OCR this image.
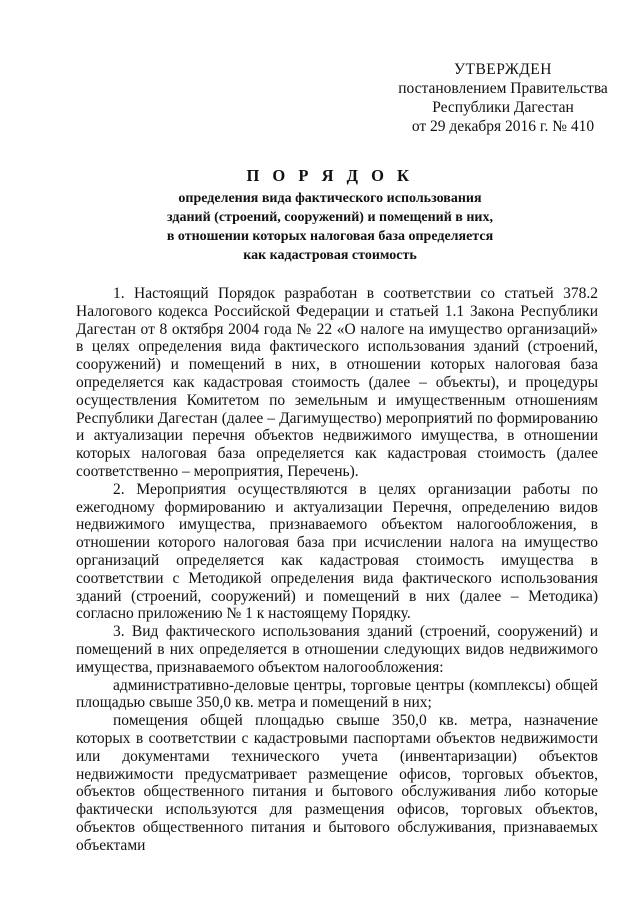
УТВЕРЖДЕН
постановлением Правительства
Республики Дагестан
от 29 декабря 2016 г. № 410
П О Р Я Д О К
определения вида фактического использования
зданий (строений, сооружений) и помещений в них,
в отношении которых налоговая база определяется
как кадастровая стоимость

1. Настоящий Порядок разработан в соответствии со статьей 378.2 Налогового кодекса Российской Федерации и статьей 1.1 Закона Республики Дагестан от 8 октября 2004 года № 22 «О налоге на имущество организаций» в целях определения вида фактического использования зданий (строений, сооружений) и помещений в них, в отношении которых налоговая база определяется как кадастровая стоимость (далее – объекты), и процедуры осуществления Комитетом по земельным и имущественным отношениям Республики Дагестан (далее – Дагимущество) мероприятий по формированию и актуализации перечня объектов недвижимого имущества, в отношении которых налоговая база определяется как кадастровая стоимость (далее соответственно – мероприятия, Перечень).

2. Мероприятия осуществляются в целях организации работы по ежегодному формированию и актуализации Перечня, определению видов недвижимого имущества, признаваемого объектом налогообложения, в отношении которого налоговая база при исчислении налога на имущество организаций определяется как кадастровая стоимость имущества в соответствии с Методикой определения вида фактического использования зданий (строений, сооружений) и помещений в них (далее – Методика) согласно приложению № 1 к настоящему Порядку.

3. Вид фактического использования зданий (строений, сооружений) и помещений в них определяется в отношении следующих видов недвижимого имущества, признаваемого объектом налогообложения:

административно-деловые центры, торговые центры (комплексы) общей площадью свыше 350,0 кв. метра и помещений в них;

помещения общей площадью свыше 350,0 кв. метра, назначение которых в соответствии с кадастровыми паспортами объектов недвижимости или документами технического учета (инвентаризации) объектов недвижимости предусматривает размещение офисов, торговых объектов, объектов общественного питания и бытового обслуживания либо которые фактически используются для размещения офисов, торговых объектов, объектов общественного питания и бытового обслуживания, признаваемых объектами
